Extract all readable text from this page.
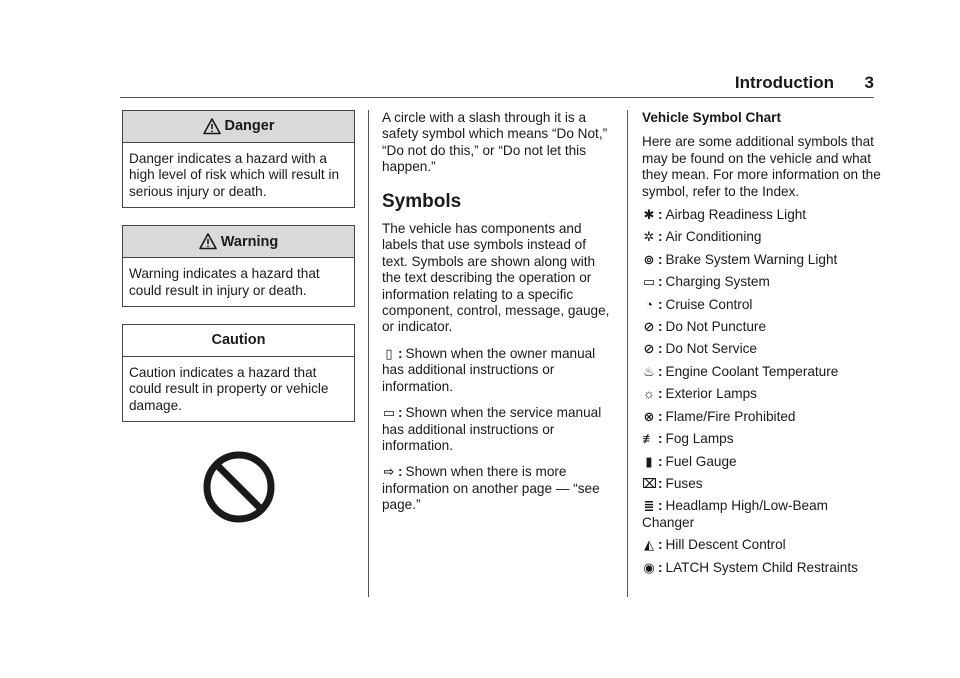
Introduction 3
Danger
Danger indicates a hazard with a high level of risk which will result in serious injury or death.
Warning
Warning indicates a hazard that could result in injury or death.
Caution
Caution indicates a hazard that could result in property or vehicle damage.

A circle with a slash through it is a safety symbol which means “Do Not,” “Do not do this,” or “Do not let this happen.”

Symbols

The vehicle has components and labels that use symbols instead of text. Symbols are shown along with the text describing the operation or information relating to a specific component, control, message, gauge, or indicator.

▯ : Shown when the owner manual has additional instructions or information.

▭ : Shown when the service manual has additional instructions or information.

⇨ : Shown when there is more information on another page — “see page.”

Vehicle Symbol Chart

Here are some additional symbols that may be found on the vehicle and what they mean. For more information on the symbol, refer to the Index.

✱ : Airbag Readiness Light
✲ : Air Conditioning
⊚ : Brake System Warning Light
▭ : Charging System
◔ : Cruise Control
⊘ : Do Not Puncture
⊘ : Do Not Service
♨ : Engine Coolant Temperature
☼ : Exterior Lamps
⊗ : Flame/Fire Prohibited
≢ : Fog Lamps
▮ : Fuel Gauge
⌧: Fuses
≣ : Headlamp High/Low-Beam Changer
◭ : Hill Descent Control
◉ : LATCH System Child Restraints
